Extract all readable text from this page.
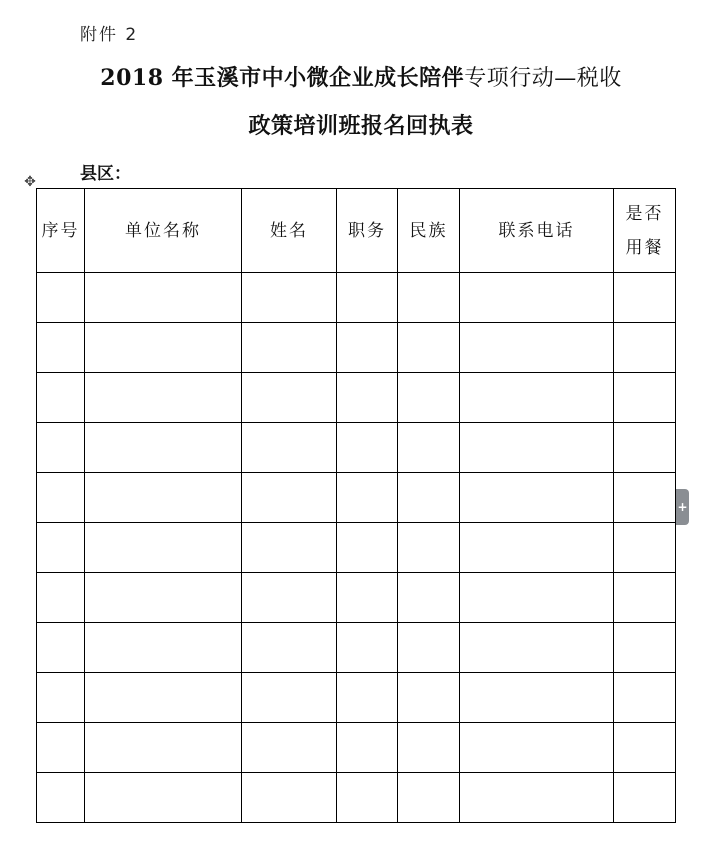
附件 2
2018 年玉溪市中小微企业成长陪伴专项行动—税收
政策培训班报名回执表
县区：
✥
序号	单位名称	姓名	职务	民族	联系电话	是否
用餐

+
